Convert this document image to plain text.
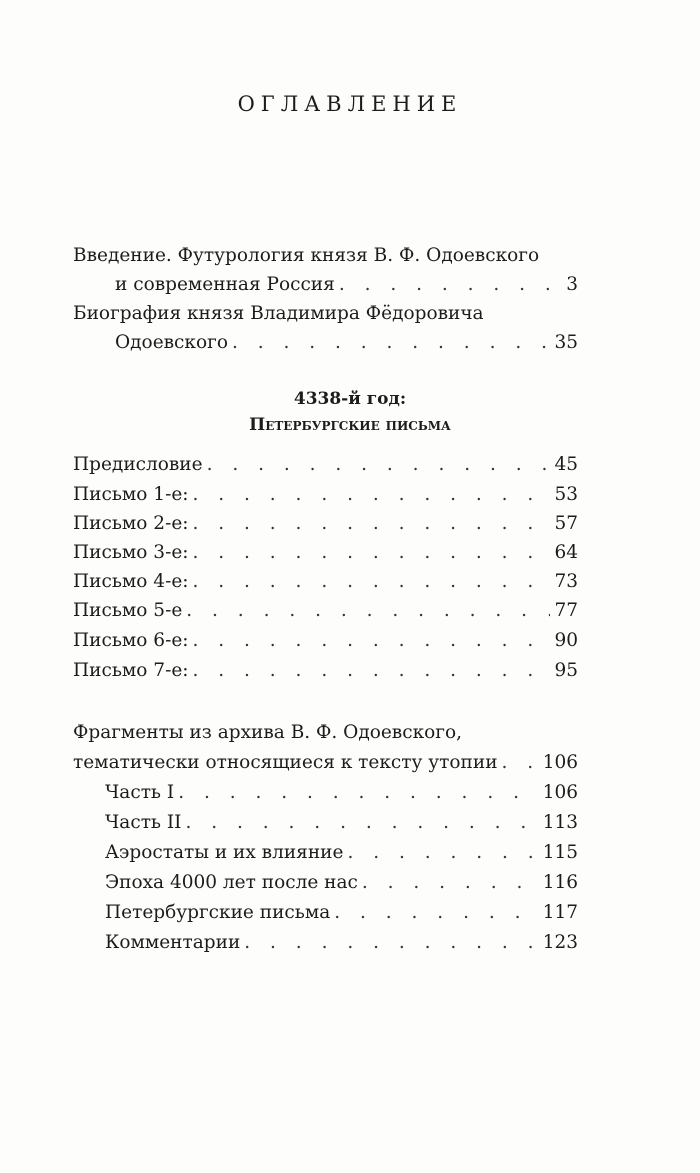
ОГЛАВЛЕНИЕ
Введение. Футурология князя В. Ф. Одоевского
и современная Россия . . .	3
Биография князя Владимира Фёдоровича
Одоевского . . .	35
4338-й год:
Петербургские письма
Предисловие . . .	45
Письмо 1-е: . . .	53
Письмо 2-е: . . .	57
Письмо 3-е: . . .	64
Письмо 4-е: . . .	73
Письмо 5-е . . .	77
Письмо 6-е: . . .	90
Письмо 7-е: . . .	95
Фрагменты из архива В. Ф. Одоевского,
тематически относящиеся к тексту утопии . . . 106
Часть I . . .	106
Часть II . . .	113
Аэростаты и их влияние . . .	115
Эпоха 4000 лет после нас . . .	116
Петербургские письма . . .	117
Комментарии . . .	123
